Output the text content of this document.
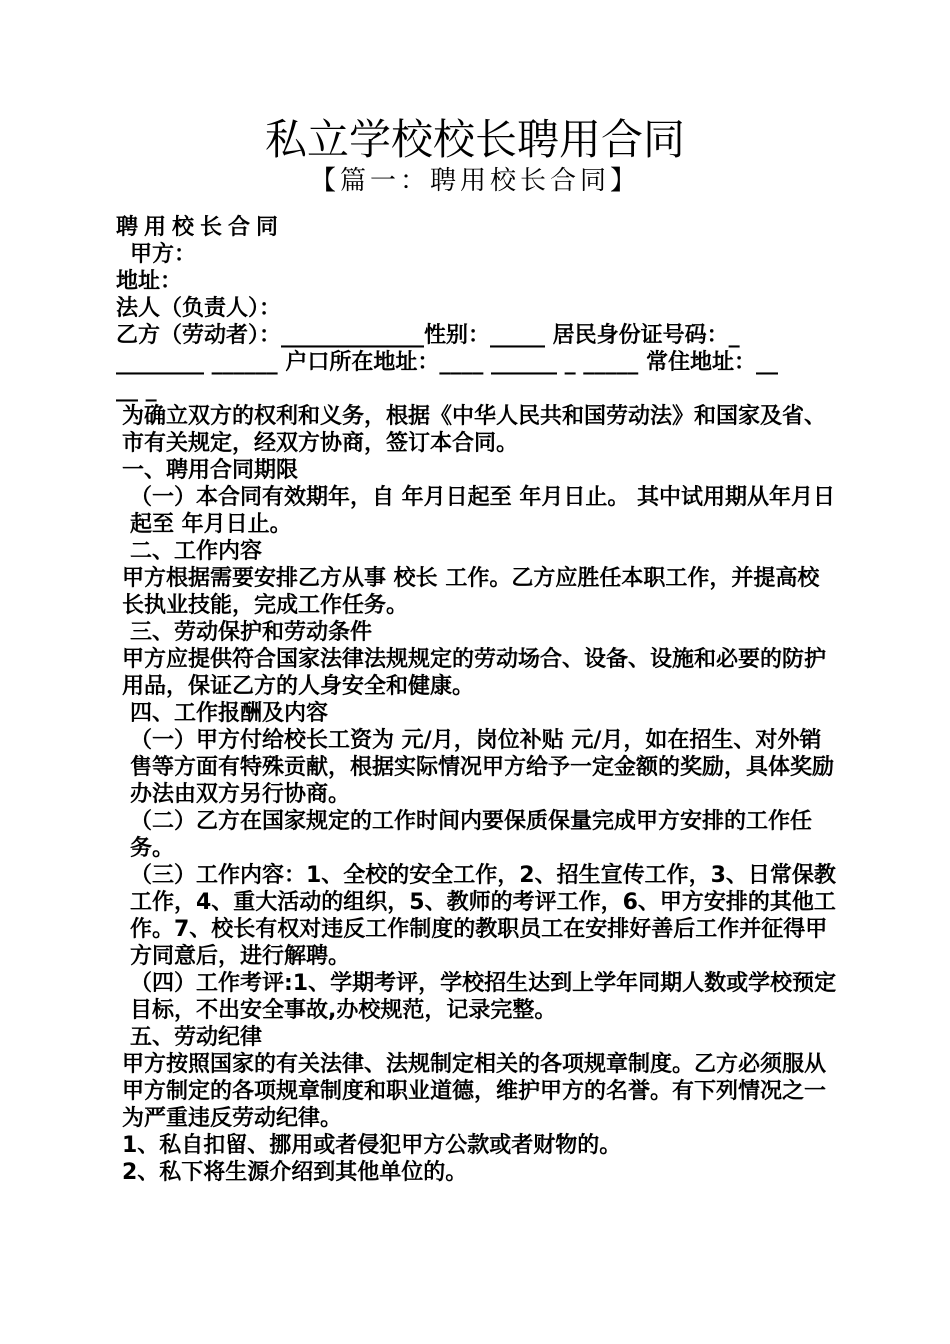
私立学校校长聘用合同
【篇一：聘用校长合同】

聘用校长合同

甲方：

地址：

法人（负责人）：

乙方（劳动者）：_____________性别：_____ 居民身份证号码：_

________ ______ 户口所在地址：____ ______ _ _____ 常住地址：__

__ _

为确立双方的权利和义务，根据《中华人民共和国劳动法》和国家及省、市有关规定，经双方协商，签订本合同。

一、聘用合同期限

（一）本合同有效期年，自 年月日起至 年月日止。 其中试用期从年月日起至 年月日止。

二、工作内容

甲方根据需要安排乙方从事 校长 工作。乙方应胜任本职工作，并提高校长执业技能，完成工作任务。

三、劳动保护和劳动条件

甲方应提供符合国家法律法规规定的劳动场合、设备、设施和必要的防护用品，保证乙方的人身安全和健康。

四、工作报酬及内容

（一）甲方付给校长工资为 元/月，岗位补贴 元/月，如在招生、对外销售等方面有特殊贡献，根据实际情况甲方给予一定金额的奖励，具体奖励办法由双方另行协商。

（二）乙方在国家规定的工作时间内要保质保量完成甲方安排的工作任务。

（三）工作内容：1、全校的安全工作，2、招生宣传工作，3、日常保教工作，4、重大活动的组织，5、教师的考评工作，6、甲方安排的其他工作。7、校长有权对违反工作制度的教职员工在安排好善后工作并征得甲方同意后，进行解聘。

（四）工作考评:1、学期考评，学校招生达到上学年同期人数或学校预定目标，不出安全事故,办校规范，记录完整。

五、劳动纪律

甲方按照国家的有关法律、法规制定相关的各项规章制度。乙方必须服从甲方制定的各项规章制度和职业道德，维护甲方的名誉。有下列情况之一为严重违反劳动纪律。

1、私自扣留、挪用或者侵犯甲方公款或者财物的。

2、私下将生源介绍到其他单位的。
